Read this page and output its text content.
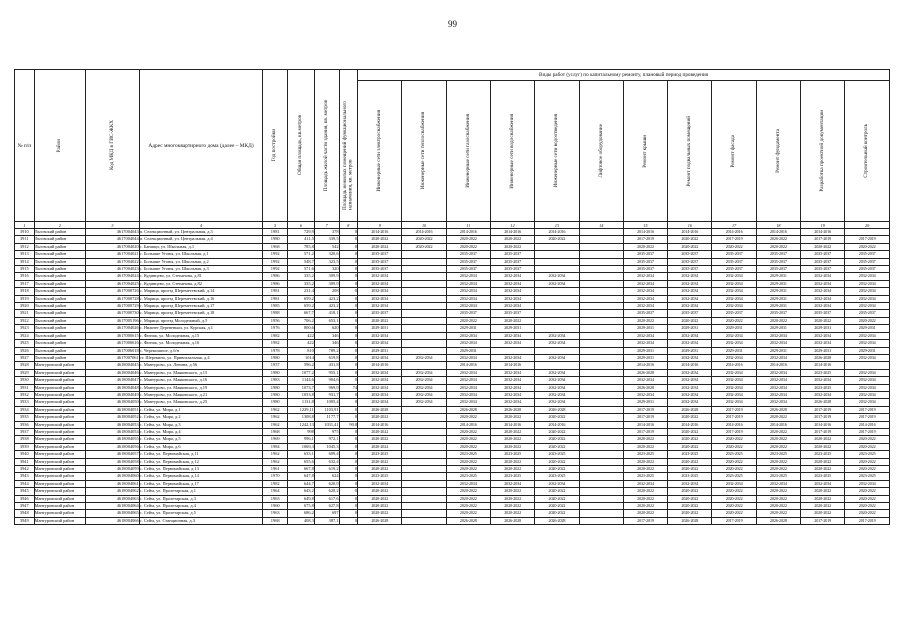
99
№ п/п	Район	Код МКД в ГИС-ЖКХ	Адрес многоквартирного дома (далее – МКД)	Год постройки	Общая площадь, кв.метров	Площадь жилой части здания, кв. метров	Площадь нежилых помещений функционального назначения, кв. метров	Виды работ (услуг) по капитальному ремонту, плановый период проведения											

								Инженерные сети электроснабжения	Инженерные сети теплоснабжения	Инженерные сети газоснабжения	Инженерные сети водоснабжения	Инженерные сети водоотведения	Лифтовое оборудование	Ремонт крыши	Ремонт подвальных помещений	Ремонт фасада	Ремонт фундамента	Разработка проектной документации	Строительный контроль

1	2	3	4	5	6	7	8	9	10	11	12	13	14	15	16	17	18	19	20
3910	Льговский район	4617004043	п. Селекционный, ул. Центральная, д.3	1981	729,9	378	0	2014-2016	2014-2016	2014-2016	2014-2016	2014-2016		2014-2016	2014-2016	2014-2016	2014-2016	2014-2016	
3911	Льговский район	4617004044	п. Селекционный, ул. Центральная, д.4	1980	411,5	339,5	0	2020-2022	2020-2022	2020-2022	2020-2022	2020-2022		2017-2019	2020-2022	2017-2019	2020-2022	2017-2019	2017-2019
3912	Льговский район	4617004020	с. Банищи, ул. Школьная, д.1	1968	785,8	542	0	2020-2022	2020-2022	2020-2022	2020-2022			2020-2022	2020-2022	2020-2022	2020-2022	2020-2022	2020-2022
3913	Льговский район	4617004021	с. Большие Угоны, ул. Школьная, д.1	1992	571,2	320,6	0	2035-2037		2035-2037	2035-2037			2035-2037	2035-2037	2035-2037	2035-2037	2035-2037	2035-2037
3914	Льговский район	4617004022	с. Большие Угоны, ул. Школьная, д.2	1992	548,7	323,5	0	2035-2037		2035-2037	2035-2037			2035-2037	2035-2037	2035-2037	2035-2037	2035-2037	2035-2037
3915	Льговский район	4617004023	с. Большие Угоны, ул. Школьная, д.3	1992	571,6	320	0	2035-2037		2035-2037	2035-2037			2035-2037	2035-2037	2035-2037	2035-2037	2035-2037	2035-2037
3916	Льговский район	4617004024	с. Кудинцево, ул. Степанова, д.81	1986	335,2	309,9	0	2032-2034		2032-2034	2032-2034	2032-2034		2032-2034	2032-2034	2032-2034	2029-2031	2032-2034	2032-2034
3917	Льговский район	4617004025	с. Кудинцево, ул. Степанова, д.82	1986	335,2	309,9	0	2032-2034		2032-2034	2032-2034	2032-2034		2032-2034	2032-2034	2032-2034	2029-2031	2032-2034	2032-2034
3918	Льговский район	4617000726	с. Марица, проезд Шереметевский, д.14	1981	231,4	208	0	2032-2034		2032-2034	2032-2034			2032-2034	2032-2034	2032-2034	2029-2031	2032-2034	2032-2034
3919	Льговский район	4617000728	с. Марица, проезд Шереметевский, д.16	1981	659,2	423,2	0	2032-2034		2032-2034	2032-2034			2032-2034	2032-2034	2032-2034	2029-2031	2032-2034	2032-2034
3920	Льговский район	4617000729	с. Марица, проезд Шереметевский, д.17	1985	659,2	423,2	0	2032-2034		2032-2034	2032-2034			2032-2034	2032-2034	2032-2034	2029-2031	2032-2034	2032-2034
3921	Льговский район	4617000730	с. Марица, проезд Шереметевский, д.18	1988	667,7	418,1	0	2035-2037		2035-2037	2035-2037			2035-2037	2035-2037	2035-2037	2035-2037	2035-2037	2035-2037
3922	Льговский район	4617005196	с. Марица, проезд Молодежный, д.5	1956	706,2	653,1	0	2020-2022		2020-2022	2020-2022			2020-2022	2020-2022	2020-2022	2020-2022	2020-2022	2020-2022
3923	Льговский район	4617004026	с. Нижнее Деревеньки, ул. Курская, д.1	1976	800,6	620	0	2029-2031		2029-2031	2029-2031			2029-2031	2029-2031	2029-2031	2029-2031	2029-2031	2029-2031
3924	Льговский район	4617000615	с. Фитиж, ул. Молодежная, д.15	1982	422	346	0	2032-2034		2032-2034	2032-2034	2032-2034		2032-2034	2032-2034	2032-2034	2032-2034	2032-2034	2032-2034
3925	Льговский район	4617000616	с. Фитиж, ул. Молодежная, д.16	1982	422	346	0	2032-2034		2032-2034	2032-2034	2032-2034		2032-2034	2032-2034	2032-2034	2032-2034	2032-2034	2032-2034
3926	Льговский район	4617006018	с. Черемошное, д.б/н	1978	810	789,2	0	2029-2031		2029-2031				2029-2031	2029-2031	2029-2031	2029-2031	2029-2031	2029-2031
3927	Льговский район	4617007061	ст. Шерекино, ул. Привокзальная, д.4	1980	1014	619,8	0	2032-2034	2032-2034	2032-2034	2032-2034	2032-2034		2029-2031	2032-2034	2032-2034	2032-2034	2026-2028	2032-2034
3928	Мантуровский район	4618004045	с. Мантурово, ул. Ленина, д.56	1957	596,2	431,8	0	2014-2016		2014-2016	2014-2016			2014-2016	2014-2016	2014-2016	2014-2016	2014-2016	
3929	Мантуровский район	4618004046	с. Мантурово, ул. Маяковского, д.15	1980	1077,2	955,1	0	2032-2034	2032-2034	2032-2034	2032-2034	2032-2034		2026-2028	2032-2034	2032-2034	2032-2034	2023-2025	2032-2034
3930	Мантуровский район	4618004047	с. Мантурово, ул. Маяковского, д.16	1983	1144,6	904,6	0	2032-2034	2032-2034	2032-2034	2032-2034	2032-2034		2032-2034	2032-2034	2032-2034	2032-2034	2032-2034	2032-2034
3931	Мантуровский район	4618004048	с. Мантурово, ул. Маяковского, д.19	1980	1073,7	969,9	74	2032-2034	2032-2034	2032-2034	2032-2034	2032-2034		2026-2028	2032-2034	2032-2034	2032-2034	2023-2025	2032-2034
3932	Мантуровский район	4618004049	с. Мантурово, ул. Маяковского, д.21	1980	1053,8	931,7	0	2032-2034	2032-2034	2032-2034	2032-2034	2032-2034		2032-2034	2032-2034	2032-2034	2032-2034	2032-2034	2032-2034
3933	Мантуровский район	4618004050	с. Мантурово, ул. Маяковского, д.25	1980	1131,8	1005,4	0	2032-2034	2032-2034	2032-2034	2032-2034	2032-2034		2029-2031	2032-2034	2032-2034	2032-2034	2026-2028	2032-2034
3934	Мантуровский район	4618004051	с. Сейм, ул. Мира, д.1	1962	1229,11	1103,91	0	2026-2028		2026-2028	2026-2028	2026-2028		2017-2019	2026-2028	2017-2019	2026-2028	2017-2019	2017-2019
3935	Мантуровский район	4618004052	с. Сейм, ул. Мира, д.2	1962	1308,8	1177,7	0	2020-2022		2020-2022	2020-2022	2020-2022		2017-2019	2020-2022	2017-2019	2020-2022	2017-2019	2017-2019
3936	Мантуровский район	4618004053	с. Сейм, ул. Мира, д.3	1962	1242,13	1031,41	90,8	2014-2016		2014-2016	2014-2016	2014-2016		2014-2016	2014-2016	2014-2016	2014-2016	2014-2016	2014-2016
3937	Мантуровский район	4618004054	с. Сейм, ул. Мира, д.4	1968	998	975	0	2020-2022		2020-2022	2020-2022	2020-2022		2017-2019	2020-2022	2017-2019	2020-2022	2017-2019	2017-2019
3938	Мантуровский район	4618004055	с. Сейм, ул. Мира, д.5	1969	996,1	972,1	0	2020-2022		2020-2022	2020-2022	2020-2022		2020-2022	2020-2022	2020-2022	2020-2022	2020-2022	2020-2022
3939	Мантуровский район	4618004056	с. Сейм, ул. Мира, д.6	1984	1069,3	1045,3	0	2020-2022		2020-2022	2020-2022	2020-2022		2020-2022	2020-2022	2020-2022	2020-2022	2020-2022	2020-2022
3940	Мантуровский район	4618004057	с. Сейм, ул. Первомайская, д.11	1962	633,1	609,4	0	2023-2025		2023-2025	2023-2025	2023-2025		2023-2025	2023-2025	2023-2025	2023-2025	2023-2025	2023-2025
3941	Мантуровский район	4618004058	с. Сейм, ул. Первомайская, д.12	1962	655,6	632,4	0	2020-2022		2020-2022	2020-2022	2020-2022		2020-2022	2020-2022	2020-2022	2020-2022	2020-2022	2020-2022
3942	Мантуровский район	4618004059	с. Сейм, ул. Первомайская, д.13	1961	667,8	619,2	0	2020-2022		2020-2022	2020-2022	2020-2022		2020-2022	2020-2022	2020-2022	2020-2022	2020-2022	2020-2022
3943	Мантуровский район	4618004060	с. Сейм, ул. Первомайская, д.14	1970	647,8	624	0	2023-2025		2023-2025	2023-2025	2023-2025		2023-2025	2023-2025	2023-2025	2023-2025	2023-2025	2023-2025
3944	Мантуровский район	4618004061	с. Сейм, ул. Первомайская, д.17	1982	644,7	620,9	0	2032-2034		2032-2034	2032-2034	2032-2034		2032-2034	2032-2034	2032-2034	2032-2034	2032-2034	2032-2034
3945	Мантуровский район	4618004062	с. Сейм, ул. Пролетарская, д.1	1964	643,2	620,2	0	2020-2022		2020-2022	2020-2022	2020-2022		2020-2022	2020-2022	2020-2022	2020-2022	2020-2022	2020-2022
3946	Мантуровский район	4618004063	с. Сейм, ул. Пролетарская, д.3	1963	649,8	617,6	0	2020-2022		2020-2022	2020-2022	2020-2022		2020-2022	2020-2022	2020-2022	2020-2022	2020-2022	2020-2022
3947	Мантуровский район	4618004064	с. Сейм, ул. Пролетарская, д.4	1960	675,8	627,8	0	2020-2022		2020-2022	2020-2022	2020-2022		2020-2022	2020-2022	2020-2022	2020-2022	2020-2022	2020-2022
3948	Мантуровский район	4618004065	с. Сейм, ул. Пролетарская, д.5	1963	686,2	697	0	2020-2022		2020-2022	2020-2022	2020-2022		2020-2022	2020-2022	2020-2022	2020-2022	2020-2022	2020-2022
3949	Мантуровский район	4618004066	с. Сейм, ул. Станционная, д.3	1968	408,3	387,1	0	2026-2028		2026-2028	2026-2028	2026-2028		2017-2019	2026-2028	2017-2019	2026-2028	2017-2019	2017-2019
